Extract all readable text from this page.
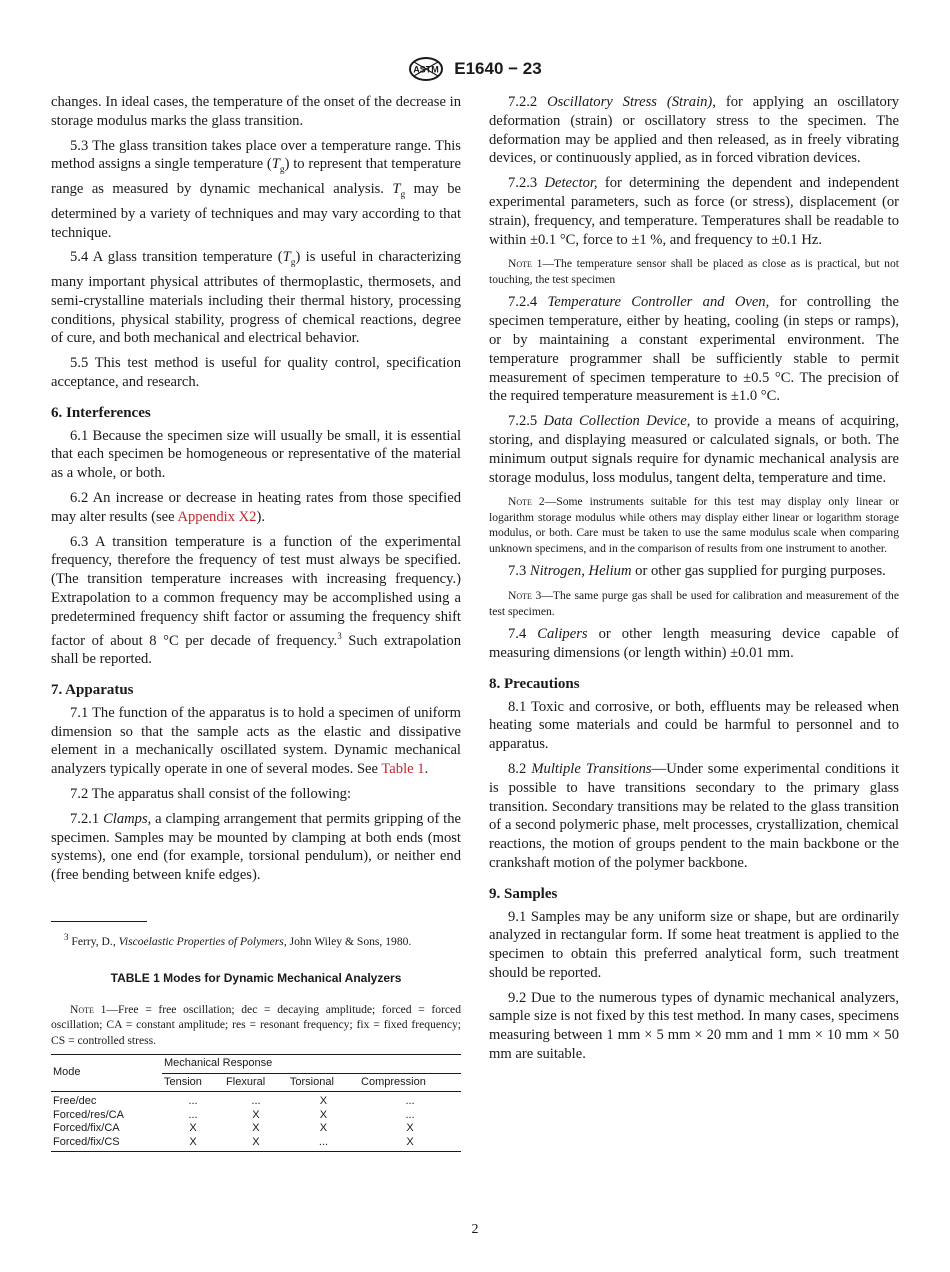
ASTM E1640 − 23

changes. In ideal cases, the temperature of the onset of the decrease in storage modulus marks the glass transition.

5.3 The glass transition takes place over a temperature range. This method assigns a single temperature $(T_g)$ to represent that temperature range as measured by dynamic mechanical analysis. $T_g$ may be determined by a variety of techniques and may vary according to that technique.

5.4 A glass transition temperature $(T_g)$ is useful in characterizing many important physical attributes of thermoplastic, thermosets, and semi-crystalline materials including their thermal history, processing conditions, physical stability, progress of chemical reactions, degree of cure, and both mechanical and electrical behavior.

5.5 This test method is useful for quality control, specification acceptance, and research.

6. Interferences

6.1 Because the specimen size will usually be small, it is essential that each specimen be homogeneous or representative of the material as a whole, or both.

6.2 An increase or decrease in heating rates from those specified may alter results (see Appendix X2).

6.3 A transition temperature is a function of the experimental frequency, therefore the frequency of test must always be specified. (The transition temperature increases with increasing frequency.) Extrapolation to a common frequency may be accomplished using a predetermined frequency shift factor or assuming the frequency shift factor of about 8 °C per decade of frequency.$^3$ Such extrapolation shall be reported.

7. Apparatus

7.1 The function of the apparatus is to hold a specimen of uniform dimension so that the sample acts as the elastic and dissipative element in a mechanically oscillated system. Dynamic mechanical analyzers typically operate in one of several modes. See Table 1.

7.2 The apparatus shall consist of the following:

7.2.1 Clamps, a clamping arrangement that permits gripping of the specimen. Samples may be mounted by clamping at both ends (most systems), one end (for example, torsional pendulum), or neither end (free bending between knife edges).

$^3$ Ferry, D., Viscoelastic Properties of Polymers, John Wiley & Sons, 1980.
TABLE 1 Modes for Dynamic Mechanical Analyzers
Note 1—Free = free oscillation; dec = decaying amplitude; forced = forced oscillation; CA = constant amplitude; res = resonant frequency; fix = fixed frequency; CS = controlled stress.
Mode	Mechanical Response			
	Tension	Flexural	Torsional	Compression
Free/dec	...	...	X	...
Forced/res/CA	...	X	X	...
Forced/fix/CA	X	X	X	X
Forced/fix/CS	X	X	...	X

7.2.2 Oscillatory Stress (Strain), for applying an oscillatory deformation (strain) or oscillatory stress to the specimen. The deformation may be applied and then released, as in freely vibrating devices, or continuously applied, as in forced vibration devices.

7.2.3 Detector, for determining the dependent and independent experimental parameters, such as force (or stress), displacement (or strain), frequency, and temperature. Temperatures shall be readable to within ±0.1 °C, force to ±1 %, and frequency to ±0.1 Hz.

Note 1—The temperature sensor shall be placed as close as is practical, but not touching, the test specimen

7.2.4 Temperature Controller and Oven, for controlling the specimen temperature, either by heating, cooling (in steps or ramps), or by maintaining a constant experimental environment. The temperature programmer shall be sufficiently stable to permit measurement of specimen temperature to ±0.5 °C. The precision of the required temperature measurement is ±1.0 °C.

7.2.5 Data Collection Device, to provide a means of acquiring, storing, and displaying measured or calculated signals, or both. The minimum output signals require for dynamic mechanical analysis are storage modulus, loss modulus, tangent delta, temperature and time.

Note 2—Some instruments suitable for this test may display only linear or logarithm storage modulus while others may display either linear or logarithm storage modulus, or both. Care must be taken to use the same modulus scale when comparing unknown specimens, and in the comparison of results from one instrument to another.

7.3 Nitrogen, Helium or other gas supplied for purging purposes.

Note 3—The same purge gas shall be used for calibration and measurement of the test specimen.

7.4 Calipers or other length measuring device capable of measuring dimensions (or length within) ±0.01 mm.

8. Precautions

8.1 Toxic and corrosive, or both, effluents may be released when heating some materials and could be harmful to personnel and to apparatus.

8.2 Multiple Transitions—Under some experimental conditions it is possible to have transitions secondary to the primary glass transition. Secondary transitions may be related to the glass transition of a second polymeric phase, melt processes, crystallization, chemical reactions, the motion of groups pendent to the main backbone or the crankshaft motion of the polymer backbone.

9. Samples

9.1 Samples may be any uniform size or shape, but are ordinarily analyzed in rectangular form. If some heat treatment is applied to the specimen to obtain this preferred analytical form, such treatment should be reported.

9.2 Due to the numerous types of dynamic mechanical analyzers, sample size is not fixed by this test method. In many cases, specimens measuring between 1 mm × 5 mm × 20 mm and 1 mm × 10 mm × 50 mm are suitable.

2
